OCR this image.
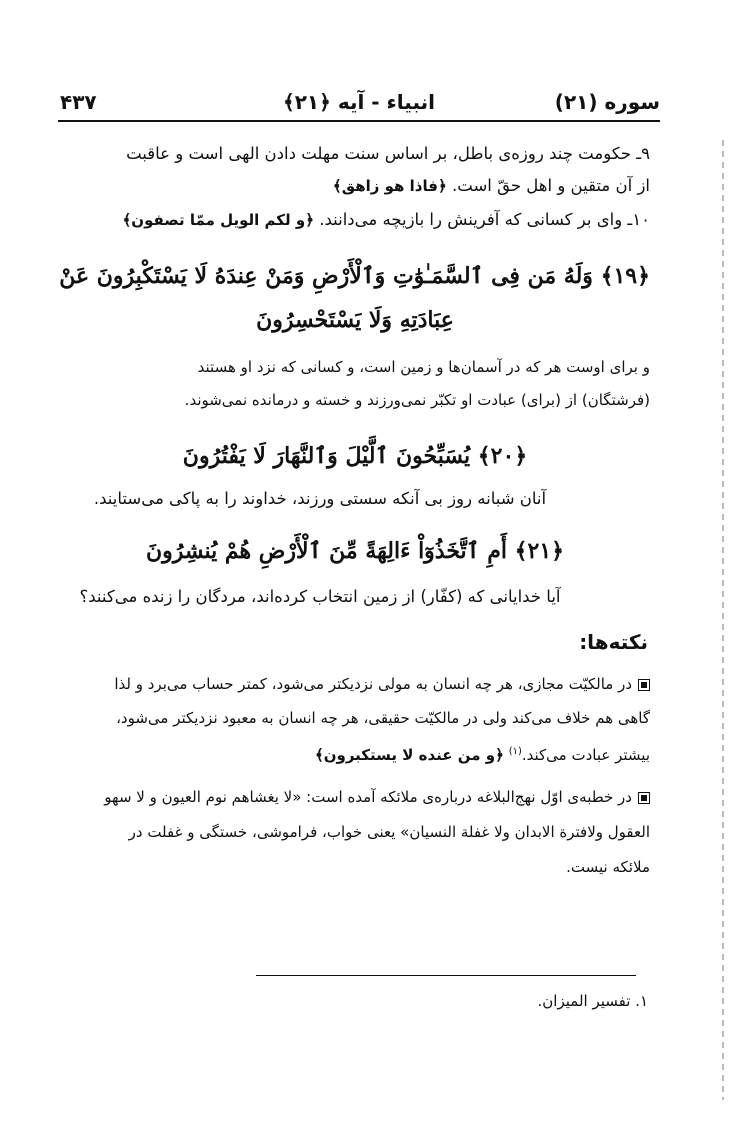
سوره (۲۱)
انبیاء - آیه ﴿۲۱﴾
۴۳۷
۹ـ حکومت چند روزه‌ی باطل، بر اساس سنت مهلت دادن الهی است و عاقبت
از آن متقین و اهل حقّ است. ﴿فاذا هو زاهق﴾
۱۰ـ وای بر کسانی که آفرینش را بازیچه می‌دانند. ﴿و لکم الویل ممّا تصفون﴾
﴿۱۹﴾ وَلَهُ مَن فِی ٱلسَّمَـٰوَٰتِ وَٱلْأَرْضِ وَمَنْ عِندَهُ لَا یَسْتَكْبِرُونَ عَنْ
عِبَادَتِهِ وَلَا یَسْتَحْسِرُونَ
و برای اوست هر که در آسمان‌ها و زمین است، و کسانی که نزد او هستند
(فرشتگان) از (برای) عبادت او تکبّر نمی‌ورزند و خسته و درمانده نمی‌شوند.
﴿۲۰﴾ یُسَبِّحُونَ ٱلَّیْلَ وَٱلنَّهَارَ لَا یَفْتُرُونَ
آنان شبانه روز بی آنکه سستی ورزند، خداوند را به پاکی می‌ستایند.
﴿۲۱﴾ أَمِ ٱتَّخَذُوٓاْ ءَالِهَةً مِّنَ ٱلْأَرْضِ هُمْ یُنشِرُونَ
آیا خدایانی که (کفّار) از زمین انتخاب کرده‌اند، مردگان را زنده می‌کنند؟
نکته‌ها:
در مالکیّت مجازی، هر چه انسان به مولی نزدیکتر می‌شود، کمتر حساب می‌برد و لذا
گاهی هم خلاف می‌کند ولی در مالکیّت حقیقی، هر چه انسان به معبود نزدیکتر می‌شود،
بیشتر عبادت می‌کند.$^{(۱)}$ ﴿و من عنده لا یستکبرون﴾
در خطبه‌ی اوّل نهج‌البلاغه درباره‌ی ملائکه آمده است: «لا یغشاهم نوم العیون و لا سهو
العقول ولافترة الابدان ولا غفلة النسیان» یعنی خواب، فراموشی، خستگی و غفلت در
ملائکه نیست.
۱. تفسیر المیزان.
